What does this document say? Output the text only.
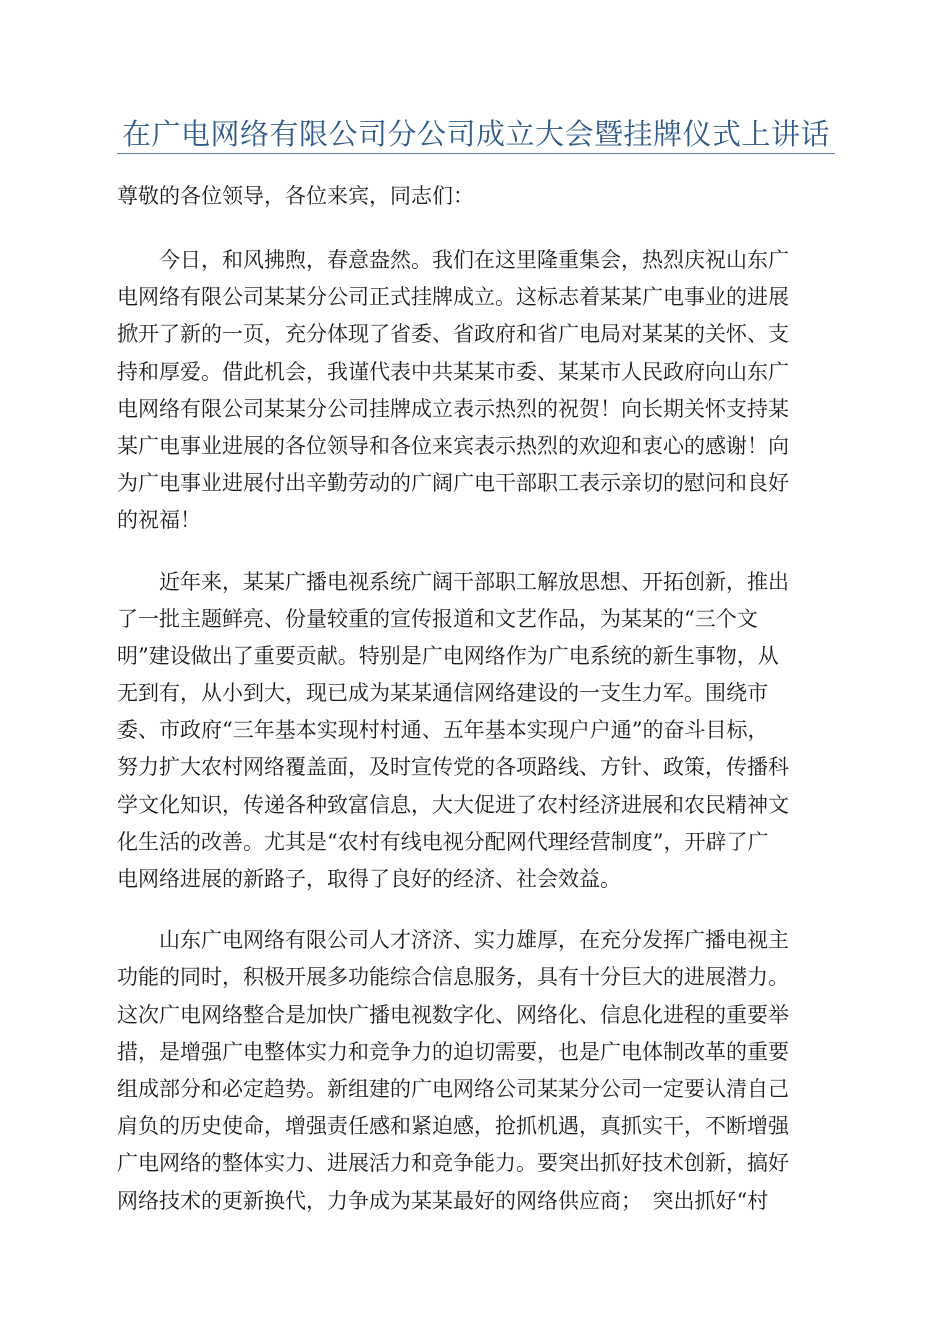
在广电网络有限公司分公司成立大会暨挂牌仪式上讲话

尊敬的各位领导，各位来宾，同志们：

今日，和风拂煦，春意盎然。我们在这里隆重集会，热烈庆祝山东广
电网络有限公司某某分公司正式挂牌成立。这标志着某某广电事业的进展
掀开了新的一页，充分体现了省委、省政府和省广电局对某某的关怀、支
持和厚爱。借此机会，我谨代表中共某某市委、某某市人民政府向山东广
电网络有限公司某某分公司挂牌成立表示热烈的祝贺！向长期关怀支持某
某广电事业进展的各位领导和各位来宾表示热烈的欢迎和衷心的感谢！向
为广电事业进展付出辛勤劳动的广阔广电干部职工表示亲切的慰问和良好
的祝福！

近年来，某某广播电视系统广阔干部职工解放思想、开拓创新，推出
了一批主题鲜亮、份量较重的宣传报道和文艺作品，为某某的“三个文
明”建设做出了重要贡献。特别是广电网络作为广电系统的新生事物，从
无到有，从小到大，现已成为某某通信网络建设的一支生力军。围绕市
委、市政府“三年基本实现村村通、五年基本实现户户通”的奋斗目标，
努力扩大农村网络覆盖面，及时宣传党的各项路线、方针、政策，传播科
学文化知识，传递各种致富信息，大大促进了农村经济进展和农民精神文
化生活的改善。尤其是“农村有线电视分配网代理经营制度”，开辟了广
电网络进展的新路子，取得了良好的经济、社会效益。

山东广电网络有限公司人才济济、实力雄厚，在充分发挥广播电视主
功能的同时，积极开展多功能综合信息服务，具有十分巨大的进展潜力。
这次广电网络整合是加快广播电视数字化、网络化、信息化进程的重要举
措，是增强广电整体实力和竞争力的迫切需要，也是广电体制改革的重要
组成部分和必定趋势。新组建的广电网络公司某某分公司一定要认清自己
肩负的历史使命，增强责任感和紧迫感，抢抓机遇，真抓实干，不断增强
广电网络的整体实力、进展活力和竞争能力。要突出抓好技术创新，搞好
网络技术的更新换代，力争成为某某最好的网络供应商；　突出抓好“村
